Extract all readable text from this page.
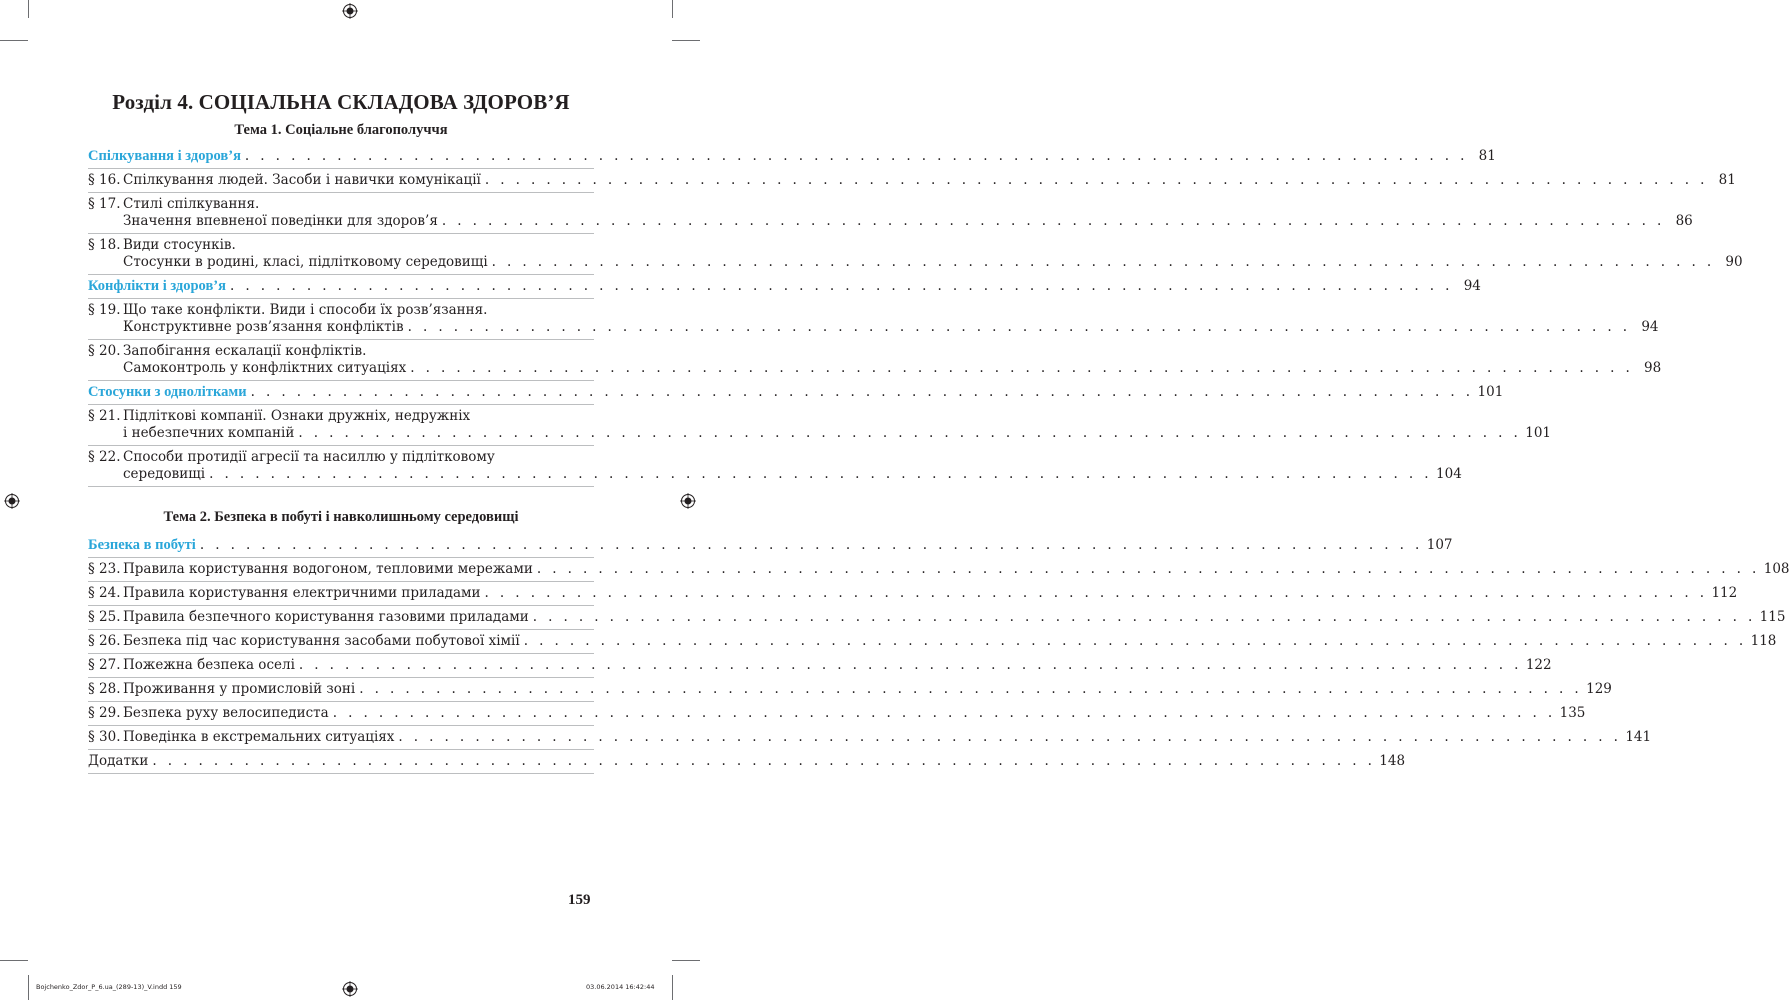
Розділ 4. СОЦІАЛЬНА СКЛАДОВА ЗДОРОВ’Я
Тема 1. Соціальне благополуччя
Спілкування і здоров’я . . . . . . . . . . . . . . . . . . . . . . . . . . . . . . . . . . . . . . . . . . . . . . . . . . . . . . . . . . . . . . . . . . . . . . . . . . . . . . . . 81
§ 16. Спілкування людей. Засоби і навички комунікації . . . . . . . . . . . . . . . . . . . . . . . . . . . . . . . . . . . . . . . . . . . . . . . . . . . . . . . . . . . . . . . . . . . . . . . . . . . . . . . . 81
§ 17. Стилі спілкування.
Значення впевненої поведінки для здоров’я . . . . . . . . . . . . . . . . . . . . . . . . . . . . . . . . . . . . . . . . . . . . . . . . . . . . . . . . . . . . . . . . . . . . . . . . . . . . . . . . 86
§ 18. Види стосунків.
Стосунки в родині, класі, підлітковому середовищі . . . . . . . . . . . . . . . . . . . . . . . . . . . . . . . . . . . . . . . . . . . . . . . . . . . . . . . . . . . . . . . . . . . . . . . . . . . . . . . . 90
Конфлікти і здоров’я . . . . . . . . . . . . . . . . . . . . . . . . . . . . . . . . . . . . . . . . . . . . . . . . . . . . . . . . . . . . . . . . . . . . . . . . . . . . . . . . 94
§ 19. Що таке конфлікти. Види і способи їх розв’язання.
Конструктивне розв’язання конфліктів . . . . . . . . . . . . . . . . . . . . . . . . . . . . . . . . . . . . . . . . . . . . . . . . . . . . . . . . . . . . . . . . . . . . . . . . . . . . . . . . 94
§ 20. Запобігання ескалації конфліктів.
Самоконтроль у конфліктних ситуаціях . . . . . . . . . . . . . . . . . . . . . . . . . . . . . . . . . . . . . . . . . . . . . . . . . . . . . . . . . . . . . . . . . . . . . . . . . . . . . . . . 98
Стосунки з однолітками . . . . . . . . . . . . . . . . . . . . . . . . . . . . . . . . . . . . . . . . . . . . . . . . . . . . . . . . . . . . . . . . . . . . . . . . . . . . . . . . 101
§ 21. Підліткові компанії. Ознаки дружніх, недружніх
і небезпечних компаній . . . . . . . . . . . . . . . . . . . . . . . . . . . . . . . . . . . . . . . . . . . . . . . . . . . . . . . . . . . . . . . . . . . . . . . . . . . . . . . . 101
§ 22. Способи протидії агресії та насиллю у підлітковому
середовищі . . . . . . . . . . . . . . . . . . . . . . . . . . . . . . . . . . . . . . . . . . . . . . . . . . . . . . . . . . . . . . . . . . . . . . . . . . . . . . . . 104
Тема 2. Безпека в побуті і навколишньому середовищі
Безпека в побуті . . . . . . . . . . . . . . . . . . . . . . . . . . . . . . . . . . . . . . . . . . . . . . . . . . . . . . . . . . . . . . . . . . . . . . . . . . . . . . . . 107
§ 23. Правила користування водогоном, тепловими мережами . . . . . . . . . . . . . . . . . . . . . . . . . . . . . . . . . . . . . . . . . . . . . . . . . . . . . . . . . . . . . . . . . . . . . . . . . . . . . . . . 108
§ 24. Правила користування електричними приладами . . . . . . . . . . . . . . . . . . . . . . . . . . . . . . . . . . . . . . . . . . . . . . . . . . . . . . . . . . . . . . . . . . . . . . . . . . . . . . . . 112
§ 25. Правила безпечного користування газовими приладами . . . . . . . . . . . . . . . . . . . . . . . . . . . . . . . . . . . . . . . . . . . . . . . . . . . . . . . . . . . . . . . . . . . . . . . . . . . . . . . . 115
§ 26. Безпека під час користування засобами побутової хімії . . . . . . . . . . . . . . . . . . . . . . . . . . . . . . . . . . . . . . . . . . . . . . . . . . . . . . . . . . . . . . . . . . . . . . . . . . . . . . . . 118
§ 27. Пожежна безпека оселі . . . . . . . . . . . . . . . . . . . . . . . . . . . . . . . . . . . . . . . . . . . . . . . . . . . . . . . . . . . . . . . . . . . . . . . . . . . . . . . . 122
§ 28. Проживання у промисловій зоні . . . . . . . . . . . . . . . . . . . . . . . . . . . . . . . . . . . . . . . . . . . . . . . . . . . . . . . . . . . . . . . . . . . . . . . . . . . . . . . . 129
§ 29. Безпека руху велосипедиста . . . . . . . . . . . . . . . . . . . . . . . . . . . . . . . . . . . . . . . . . . . . . . . . . . . . . . . . . . . . . . . . . . . . . . . . . . . . . . . . 135
§ 30. Поведінка в екстремальних ситуаціях . . . . . . . . . . . . . . . . . . . . . . . . . . . . . . . . . . . . . . . . . . . . . . . . . . . . . . . . . . . . . . . . . . . . . . . . . . . . . . . . 141
Додатки . . . . . . . . . . . . . . . . . . . . . . . . . . . . . . . . . . . . . . . . . . . . . . . . . . . . . . . . . . . . . . . . . . . . . . . . . . . . . . . . 148
159
Bojchenko_Zdor_P_6.ua_(289-13)_V.indd 159	03.06.2014 16:42:44
